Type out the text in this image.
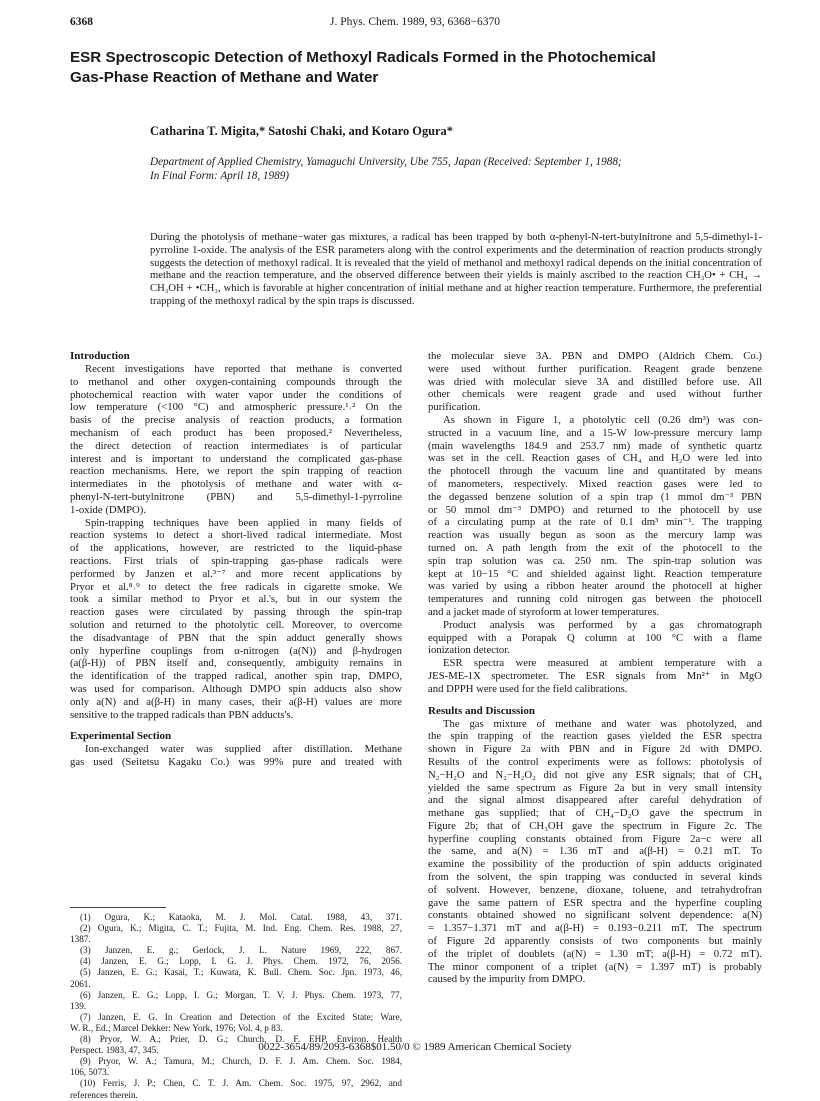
6368	J. Phys. Chem. 1989, 93, 6368−6370
ESR Spectroscopic Detection of Methoxyl Radicals Formed in the Photochemical
Gas-Phase Reaction of Methane and Water
Catharina T. Migita,* Satoshi Chaki, and Kotaro Ogura*
Department of Applied Chemistry, Yamaguchi University, Ube 755, Japan (Received: September 1, 1988;
In Final Form: April 18, 1989)
During the photolysis of methane−water gas mixtures, a radical has been trapped by both α-phenyl-N-tert-butylnitrone and 5,5-dimethyl-1-pyrroline 1-oxide. The analysis of the ESR parameters along with the control experiments and the determination of reaction products strongly suggests the detection of methoxyl radical. It is revealed that the yield of methanol and methoxyl radical depends on the initial concentration of methane and the reaction temperature, and the observed difference between their yields is mainly ascribed to the reaction CH₃O• + CH₄ → CH₃OH + •CH₃, which is favorable at higher concentration of initial methane and at higher reaction temperature. Furthermore, the preferential trapping of the methoxyl radical by the spin traps is discussed.
Introduction
Recent investigations have reported that methane is converted
to methanol and other oxygen-containing compounds through the
photochemical reaction with water vapor under the conditions of
low temperature (<100 °C) and atmospheric pressure.¹˒² On the
basis of the precise analysis of reaction products, a formation
mechanism of each product has been proposed.² Nevertheless,
the direct detection of reaction intermediates is of particular
interest and is important to understand the complicated gas-phase
reaction mechanisms. Here, we report the spin trapping of reaction
intermediates in the photolysis of methane and water with α-
phenyl-N-tert-butylnitrone (PBN) and 5,5-dimethyl-1-pyrroline
1-oxide (DMPO).
Spin-trapping techniques have been applied in many fields of
reaction systems to detect a short-lived radical intermediate. Most
of the applications, however, are restricted to the liquid-phase
reactions. First trials of spin-trapping gas-phase radicals were
performed by Janzen et al.³⁻⁷ and more recent applications by
Pryor et al.⁸˒⁹ to detect the free radicals in cigarette smoke. We
took a similar method to Pryor et al.'s, but in our system the
reaction gases were circulated by passing through the spin-trap
solution and returned to the photolytic cell. Moreover, to overcome
the disadvantage of PBN that the spin adduct generally shows
only hyperfine couplings from α-nitrogen (a(N)) and β-hydrogen
(a(β-H)) of PBN itself and, consequently, ambiguity remains in
the identification of the trapped radical, another spin trap, DMPO,
was used for comparison. Although DMPO spin adducts also show
only a(N) and a(β-H) in many cases, their a(β-H) values are more
sensitive to the trapped radicals than PBN adducts's.
Experimental Section
Ion-exchanged water was supplied after distillation. Methane
gas used (Seitetsu Kagaku Co.) was 99% pure and treated with
the molecular sieve 3A. PBN and DMPO (Aldrich Chem. Co.)
were used without further purification. Reagent grade benzene
was dried with molecular sieve 3A and distilled before use. All
other chemicals were reagent grade and used without further
purification.
As shown in Figure 1, a photolytic cell (0.26 dm³) was con-
structed in a vacuum line, and a 15-W low-pressure mercury lamp
(main wavelengths 184.9 and 253.7 nm) made of synthetic quartz
was set in the cell. Reaction gases of CH₄ and H₂O were led into
the photocell through the vacuum line and quantitated by means
of manometers, respectively. Mixed reaction gases were led to
the degassed benzene solution of a spin trap (1 mmol dm⁻³ PBN
or 50 mmol dm⁻³ DMPO) and returned to the photocell by use
of a circulating pump at the rate of 0.1 dm³ min⁻¹. The trapping
reaction was usually begun as soon as the mercury lamp was
turned on. A path length from the exit of the photocell to the
spin trap solution was ca. 250 nm. The spin-trap solution was
kept at 10−15 °C and shielded against light. Reaction temperature
was varied by using a ribbon heater around the photocell at higher
temperatures and running cold nitrogen gas between the photocell
and a jacket made of styroform at lower temperatures.
Product analysis was performed by a gas chromatograph
equipped with a Porapak Q column at 100 °C with a flame
ionization detector.
ESR spectra were measured at ambient temperature with a
JES-ME-1X spectrometer. The ESR signals from Mn²⁺ in MgO
and DPPH were used for the field calibrations.
Results and Discussion
The gas mixture of methane and water was photolyzed, and
the spin trapping of the reaction gases yielded the ESR spectra
shown in Figure 2a with PBN and in Figure 2d with DMPO.
Results of the control experiments were as follows: photolysis of
N₂−H₂O and N₂−H₂O₂ did not give any ESR signals; that of CH₄
yielded the same spectrum as Figure 2a but in very small intensity
and the signal almost disappeared after careful dehydration of
methane gas supplied; that of CH₄−D₂O gave the spectrum in
Figure 2b; that of CH₃OH gave the spectrum in Figure 2c. The
hyperfine coupling constants obtained from Figure 2a−c were all
the same, and a(N) = 1.36 mT and a(β-H) = 0.21 mT. To
examine the possibility of the production of spin adducts originated
from the solvent, the spin trapping was conducted in several kinds
of solvent. However, benzene, dioxane, toluene, and tetrahydrofran
gave the same pattern of ESR spectra and the hyperfine coupling
constants obtained showed no significant solvent dependence: a(N)
= 1.357−1.371 mT and a(β-H) = 0.193−0.211 mT. The spectrum
of Figure 2d apparently consists of two components but mainly
of the triplet of doublets (a(N) = 1.30 mT; a(β-H) = 0.72 mT).
The minor component of a triplet (a(N) = 1.397 mT) is probably
caused by the impurity from DMPO.
(1) Ogura, K.; Kataoka, M. J. Mol. Catal. 1988, 43, 371.
(2) Ogura, K.; Migita, C. T.; Fujita, M. Ind. Eng. Chem. Res. 1988, 27,
1387.
(3) Janzen, E. g.; Gerlock, J. L. Nature 1969, 222, 867.
(4) Janzen, E. G.; Lopp, I. G. J. Phys. Chem. 1972, 76, 2056.
(5) Janzen, E. G.; Kasai, T.; Kuwata, K. Bull. Chem. Soc. Jpn. 1973, 46,
2061.
(6) Janzen, E. G.; Lopp, I. G.; Morgan, T. V. J. Phys. Chem. 1973, 77,
139.
(7) Janzen, E. G. In Creation and Detection of the Excited State; Ware,
W. R., Ed.; Marcel Dekker: New York, 1976; Vol. 4, p 83.
(8) Pryor, W. A.; Prier, D. G.; Church, D. F. EHP, Environ. Health
Perspect. 1983, 47, 345.
(9) Pryor, W. A.; Tamura, M.; Church, D. F. J. Am. Chem. Soc. 1984,
106, 5073.
(10) Ferris, J. P.; Chen, C. T. J. Am. Chem. Soc. 1975, 97, 2962, and
references therein.
0022-3654/89/2093-6368$01.50/0 © 1989 American Chemical Society
